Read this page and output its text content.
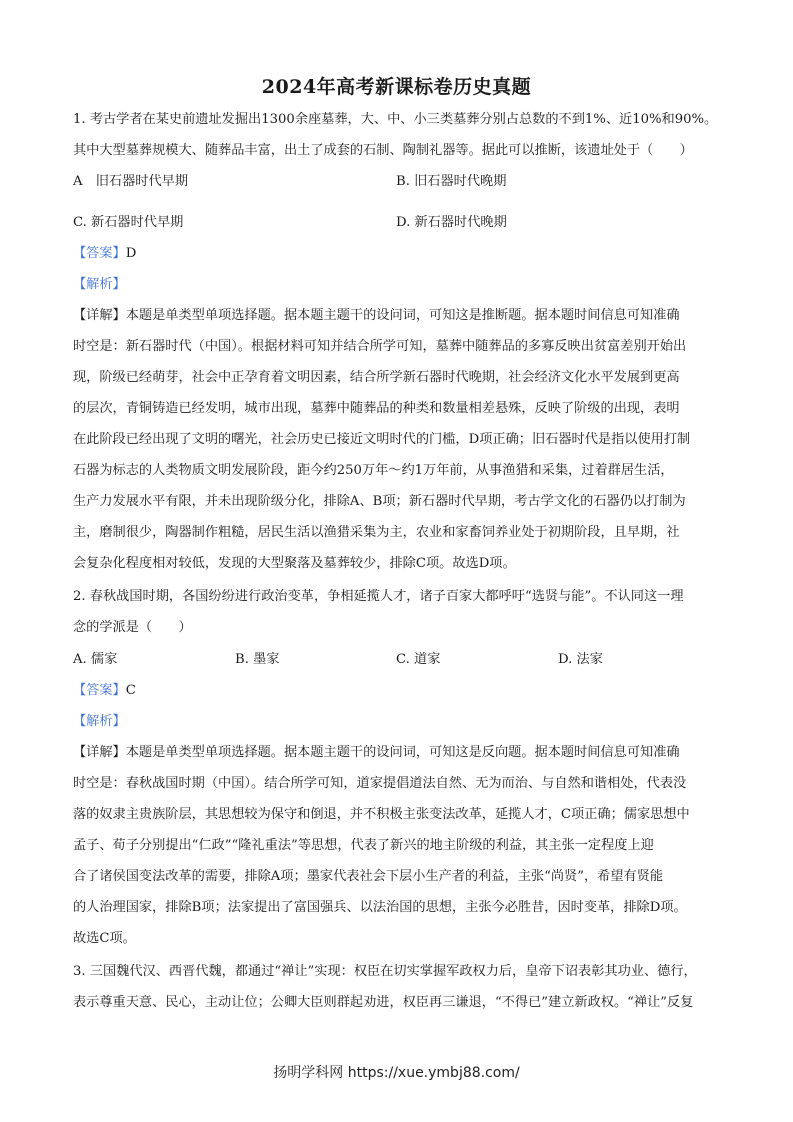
2024年高考新课标卷历史真题
1. 考古学者在某史前遗址发掘出1300余座墓葬，大、中、小三类墓葬分别占总数的不到1%、近10%和90%。
其中大型墓葬规模大、随葬品丰富，出土了成套的石制、陶制礼器等。据此可以推断，该遗址处于（　　）
A　旧石器时代早期	B. 旧石器时代晚期
C. 新石器时代早期	D. 新石器时代晚期
【答案】D
【解析】
【详解】本题是单类型单项选择题。据本题主题干的设问词，可知这是推断题。据本题时间信息可知准确
时空是：新石器时代（中国）。根据材料可知并结合所学可知，墓葬中随葬品的多寡反映出贫富差别开始出
现，阶级已经萌芽，社会中正孕育着文明因素，结合所学新石器时代晚期，社会经济文化水平发展到更高
的层次，青铜铸造已经发明，城市出现，墓葬中随葬品的种类和数量相差悬殊，反映了阶级的出现，表明
在此阶段已经出现了文明的曙光，社会历史已接近文明时代的门槛，D项正确；旧石器时代是指以使用打制
石器为标志的人类物质文明发展阶段，距今约250万年～约1万年前，从事渔猎和采集，过着群居生活，
生产力发展水平有限，并未出现阶级分化，排除A、B项；新石器时代早期，考古学文化的石器仍以打制为
主，磨制很少，陶器制作粗糙，居民生活以渔猎采集为主，农业和家畜饲养业处于初期阶段，且早期，社
会复杂化程度相对较低，发现的大型聚落及墓葬较少，排除C项。故选D项。
2. 春秋战国时期，各国纷纷进行政治变革，争相延揽人才，诸子百家大都呼吁“选贤与能”。不认同这一理
念的学派是（　　）
A. 儒家	B. 墨家	C. 道家	D. 法家
【答案】C
【解析】
【详解】本题是单类型单项选择题。据本题主题干的设问词，可知这是反向题。据本题时间信息可知准确
时空是：春秋战国时期（中国）。结合所学可知，道家提倡道法自然、无为而治、与自然和谐相处，代表没
落的奴隶主贵族阶层，其思想较为保守和倒退，并不积极主张变法改革，延揽人才，C项正确；儒家思想中
孟子、荀子分别提出“仁政”“隆礼重法”等思想，代表了新兴的地主阶级的利益，其主张一定程度上迎
合了诸侯国变法改革的需要，排除A项；墨家代表社会下层小生产者的利益，主张“尚贤”，希望有贤能
的人治理国家，排除B项；法家提出了富国强兵、以法治国的思想，主张今必胜昔，因时变革，排除D项。
故选C项。
3. 三国魏代汉、西晋代魏，都通过“禅让”实现：权臣在切实掌握军政权力后，皇帝下诏表彰其功业、德行，
表示尊重天意、民心，主动让位；公卿大臣则群起劝进，权臣再三谦退，“不得已”建立新政权。“禅让”反复
扬明学科网 https://xue.ymbj88.com/
